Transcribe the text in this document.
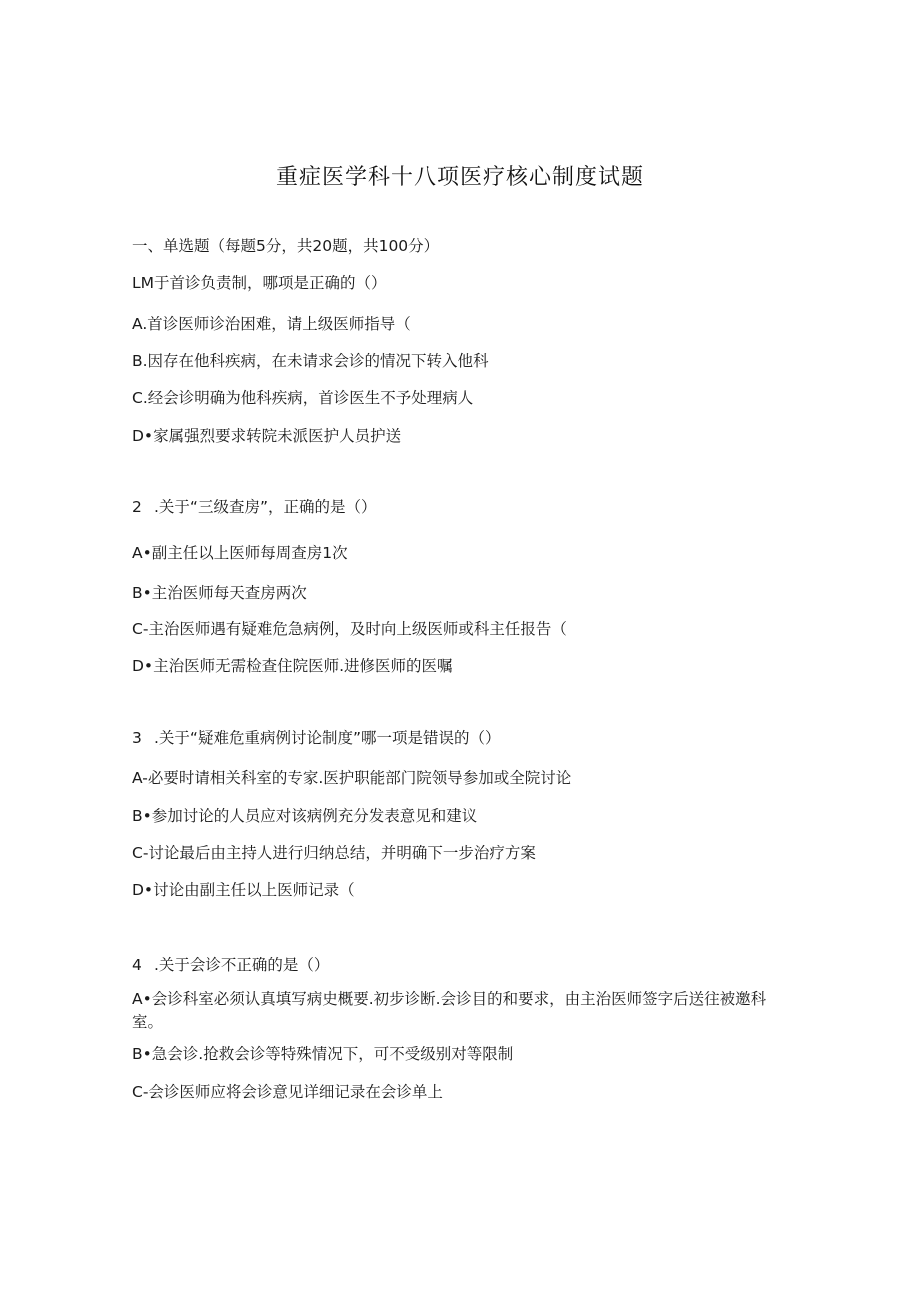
重症医学科十八项医疗核心制度试题
一、单选题（每题5分，共20题，共100分）
LM于首诊负责制，哪项是正确的（）
A.首诊医师诊治困难，请上级医师指导（
B.因存在他科疾病，在未请求会诊的情况下转入他科
C.经会诊明确为他科疾病，首诊医生不予处理病人
D•家属强烈要求转院未派医护人员护送
2 .关于“三级查房”，正确的是（）
A•副主任以上医师每周查房1次
B•主治医师每天查房两次
C-主治医师遇有疑难危急病例，及时向上级医师或科主任报告（
D•主治医师无需检查住院医师.进修医师的医嘱
3 .关于“疑难危重病例讨论制度”哪一项是错误的（）
A-必要时请相关科室的专家.医护职能部门院领导参加或全院讨论
B•参加讨论的人员应对该病例充分发表意见和建议
C-讨论最后由主持人进行归纳总结，并明确下一步治疗方案
D•讨论由副主任以上医师记录（
4 .关于会诊不正确的是（）
A•会诊科室必须认真填写病史概要.初步诊断.会诊目的和要求，由主治医师签字后送往被邀科室。
B•急会诊.抢救会诊等特殊情况下，可不受级别对等限制
C-会诊医师应将会诊意见详细记录在会诊单上
